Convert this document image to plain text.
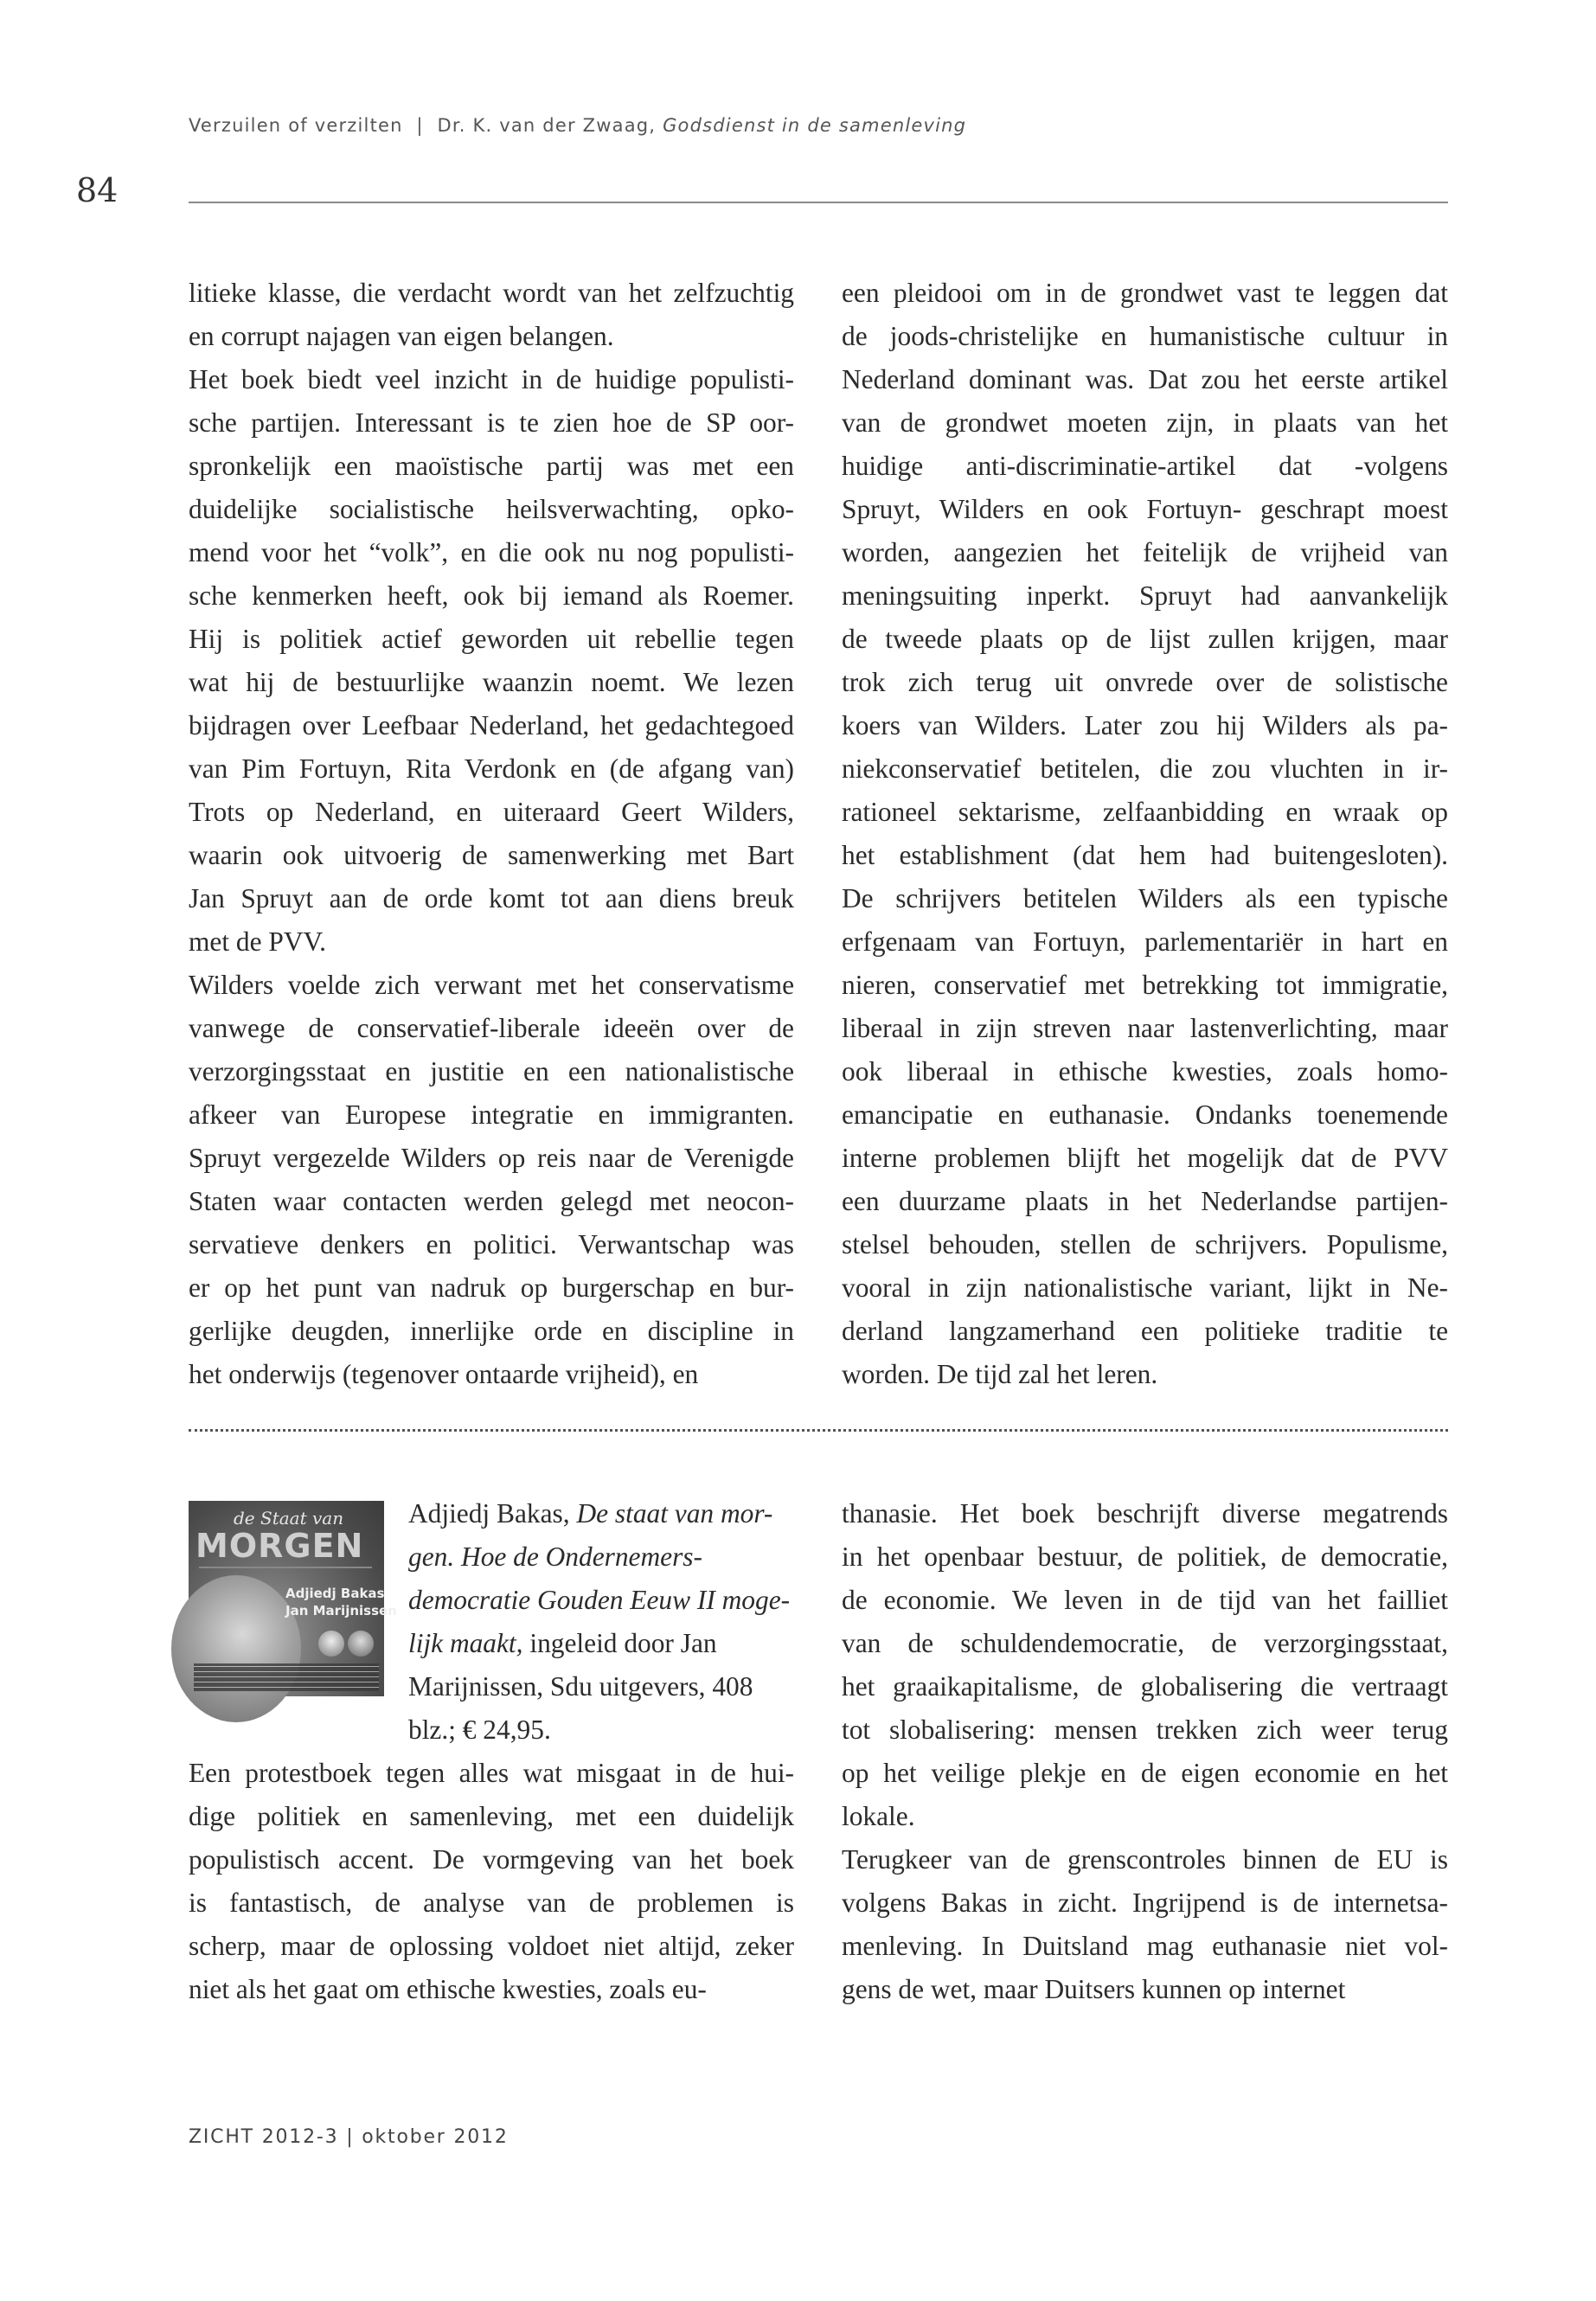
Verzuilen of verzilten | Dr. K. van der Zwaag, Godsdienst in de samenleving
84
litieke klasse, die verdacht wordt van het zelfzuchtig
en corrupt najagen van eigen belangen.
Het boek biedt veel inzicht in de huidige populisti-
sche partijen. Interessant is te zien hoe de SP oor-
spronkelijk een maoïstische partij was met een
duidelijke socialistische heilsverwachting, opko-
mend voor het “volk”, en die ook nu nog populisti-
sche kenmerken heeft, ook bij iemand als Roemer.
Hij is politiek actief geworden uit rebellie tegen
wat hij de bestuurlijke waanzin noemt. We lezen
bijdragen over Leefbaar Nederland, het gedachtegoed
van Pim Fortuyn, Rita Verdonk en (de afgang van)
Trots op Nederland, en uiteraard Geert Wilders,
waarin ook uitvoerig de samenwerking met Bart
Jan Spruyt aan de orde komt tot aan diens breuk
met de PVV.
Wilders voelde zich verwant met het conservatisme
vanwege de conservatief-liberale ideeën over de
verzorgingsstaat en justitie en een nationalistische
afkeer van Europese integratie en immigranten.
Spruyt vergezelde Wilders op reis naar de Verenigde
Staten waar contacten werden gelegd met neocon-
servatieve denkers en politici. Verwantschap was
er op het punt van nadruk op burgerschap en bur-
gerlijke deugden, innerlijke orde en discipline in
het onderwijs (tegenover ontaarde vrijheid), en
een pleidooi om in de grondwet vast te leggen dat
de joods-christelijke en humanistische cultuur in
Nederland dominant was. Dat zou het eerste artikel
van de grondwet moeten zijn, in plaats van het
huidige anti-discriminatie-artikel dat -volgens
Spruyt, Wilders en ook Fortuyn- geschrapt moest
worden, aangezien het feitelijk de vrijheid van
meningsuiting inperkt. Spruyt had aanvankelijk
de tweede plaats op de lijst zullen krijgen, maar
trok zich terug uit onvrede over de solistische
koers van Wilders. Later zou hij Wilders als pa-
niekconservatief betitelen, die zou vluchten in ir-
rationeel sektarisme, zelfaanbidding en wraak op
het establishment (dat hem had buitengesloten).
De schrijvers betitelen Wilders als een typische
erfgenaam van Fortuyn, parlementariër in hart en
nieren, conservatief met betrekking tot immigratie,
liberaal in zijn streven naar lastenverlichting, maar
ook liberaal in ethische kwesties, zoals homo-
emancipatie en euthanasie. Ondanks toenemende
interne problemen blijft het mogelijk dat de PVV
een duurzame plaats in het Nederlandse partijen-
stelsel behouden, stellen de schrijvers. Populisme,
vooral in zijn nationalistische variant, lijkt in Ne-
derland langzamerhand een politieke traditie te
worden. De tijd zal het leren.
de Staat van
MORGEN
Adjiedj Bakas
Jan Marijnissen
Adjiedj Bakas, De staat van mor-
gen. Hoe de Ondernemers-
democratie Gouden Eeuw II moge-
lijk maakt, ingeleid door Jan
Marijnissen, Sdu uitgevers, 408
blz.; € 24,95.
Een protestboek tegen alles wat misgaat in de hui-
dige politiek en samenleving, met een duidelijk
populistisch accent. De vormgeving van het boek
is fantastisch, de analyse van de problemen is
scherp, maar de oplossing voldoet niet altijd, zeker
niet als het gaat om ethische kwesties, zoals eu-
thanasie. Het boek beschrijft diverse megatrends
in het openbaar bestuur, de politiek, de democratie,
de economie. We leven in de tijd van het failliet
van de schuldendemocratie, de verzorgingsstaat,
het graaikapitalisme, de globalisering die vertraagt
tot slobalisering: mensen trekken zich weer terug
op het veilige plekje en de eigen economie en het
lokale.
Terugkeer van de grenscontroles binnen de EU is
volgens Bakas in zicht. Ingrijpend is de internetsa-
menleving. In Duitsland mag euthanasie niet vol-
gens de wet, maar Duitsers kunnen op internet
ZICHT 2012-3 | oktober 2012
